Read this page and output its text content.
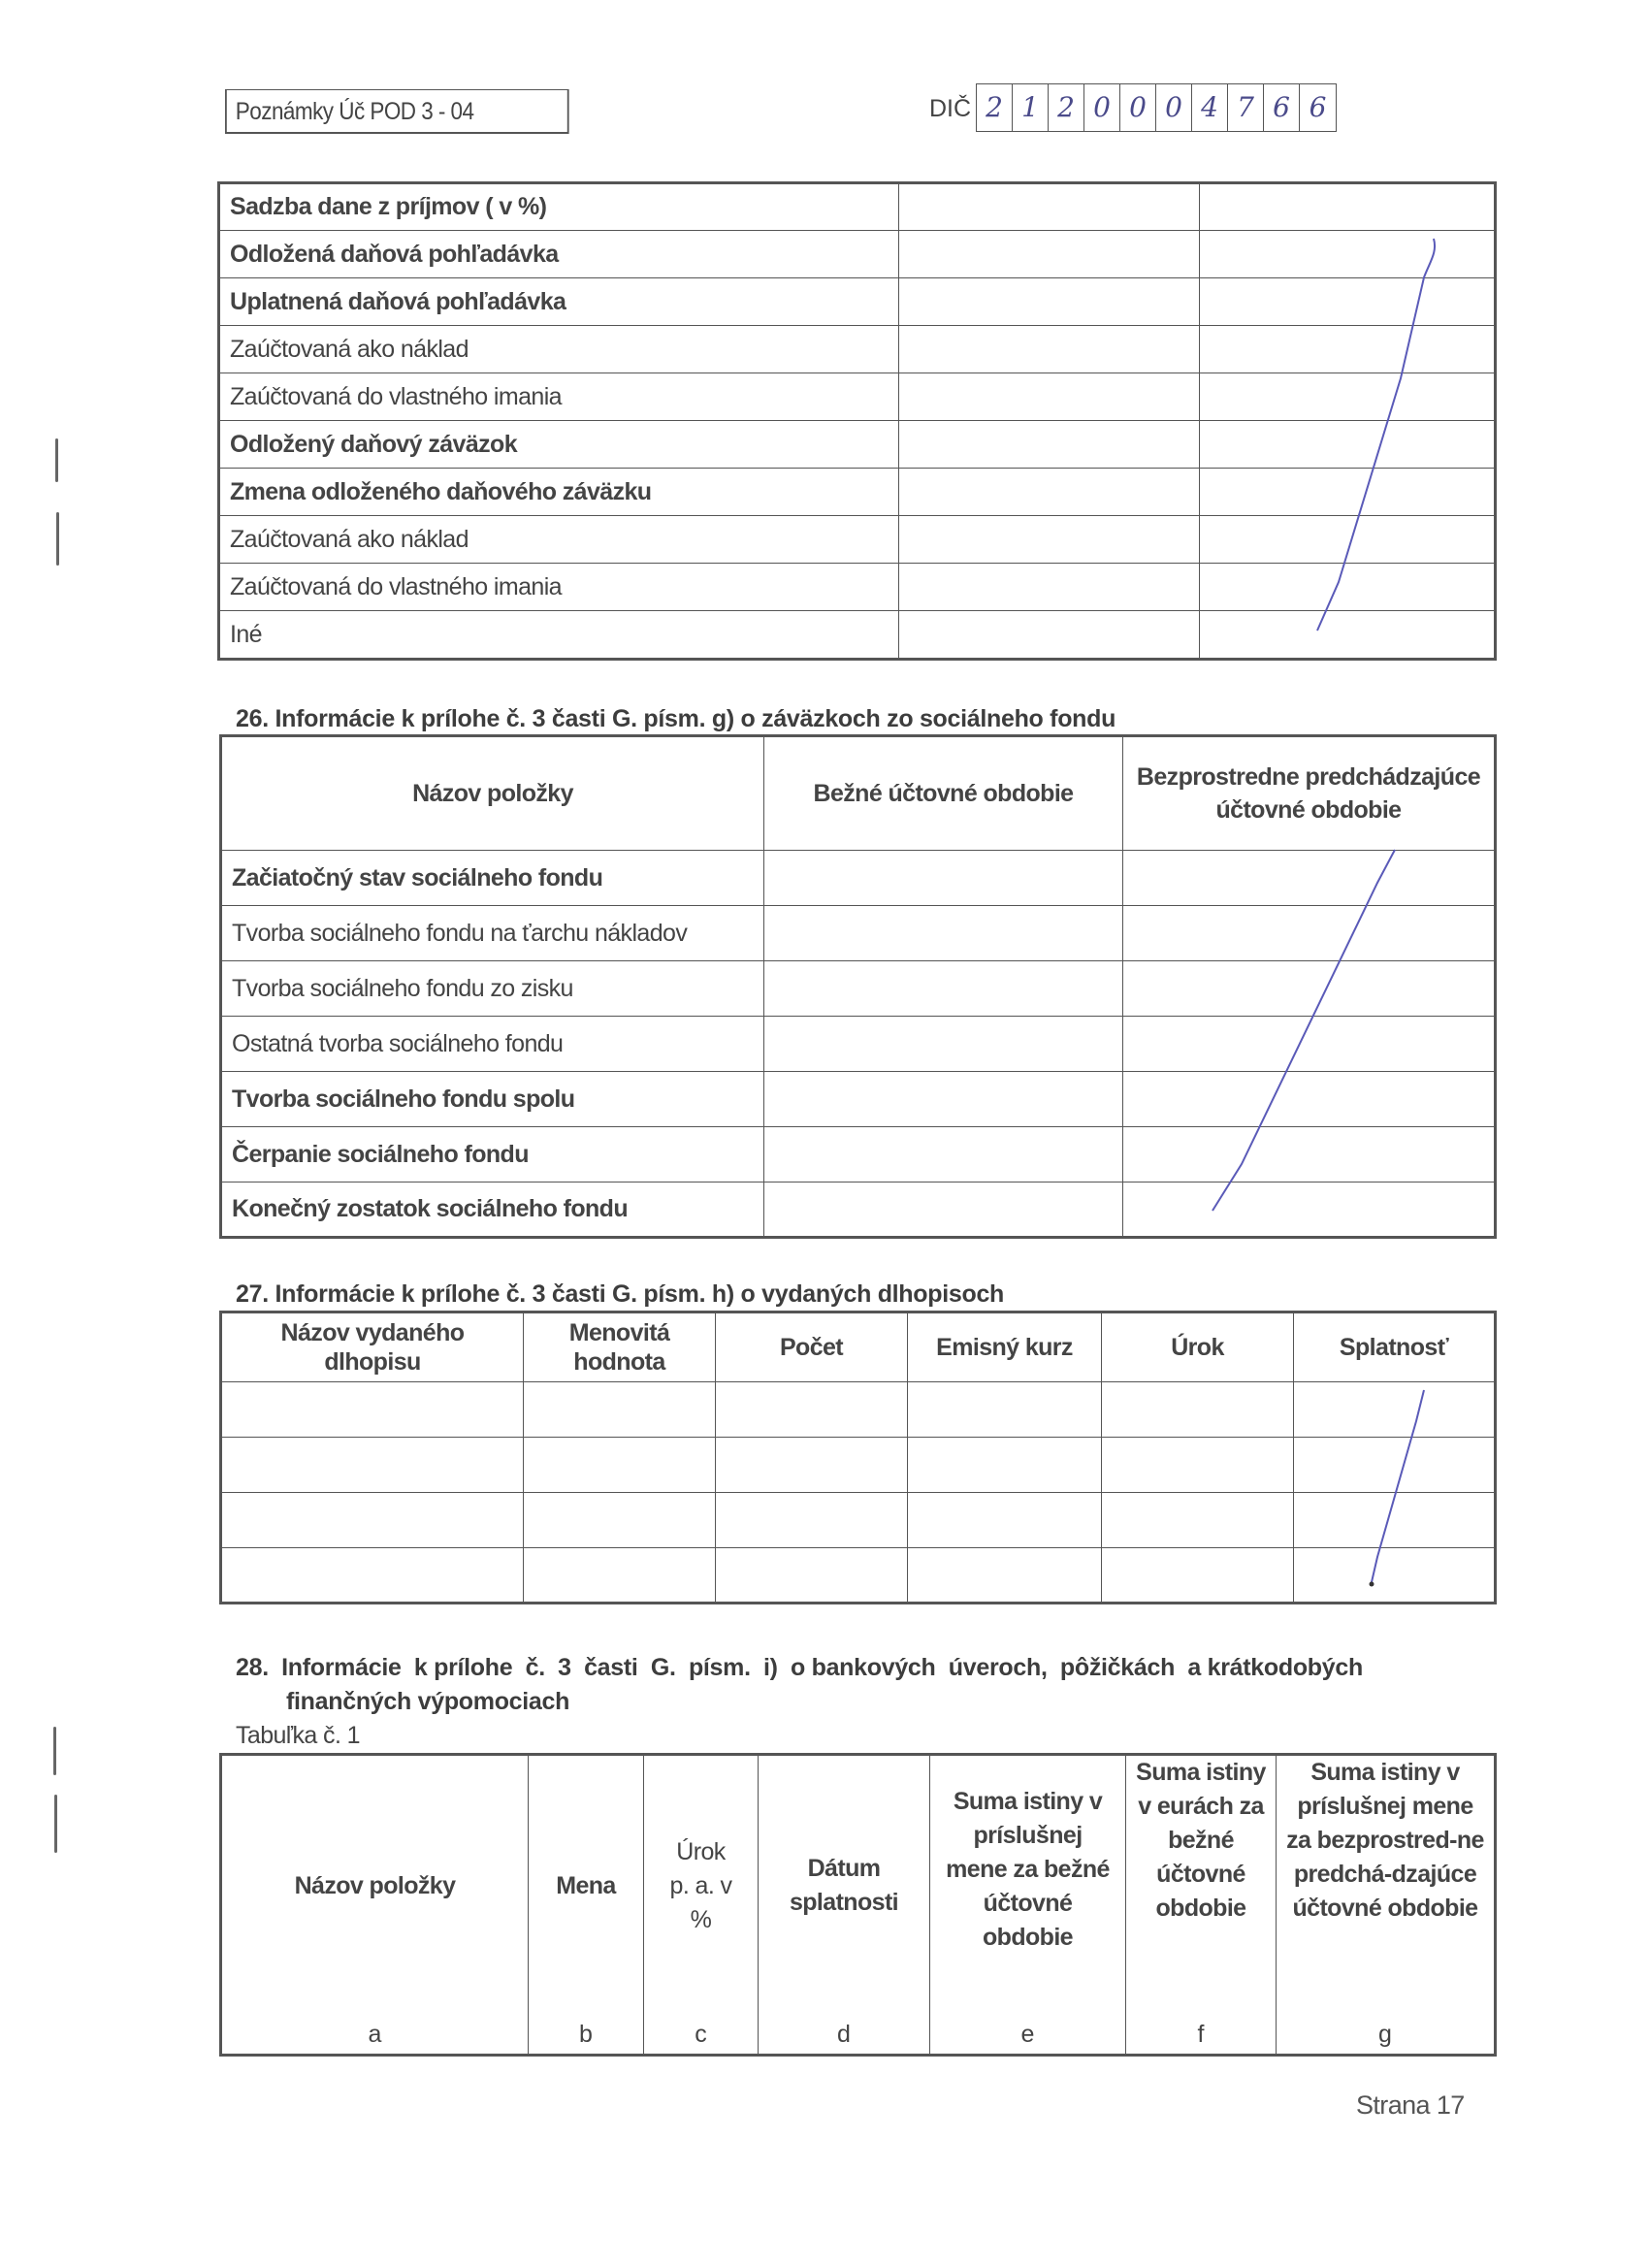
Poznámky Úč POD 3 - 04	DIČ 2 1 2 0 0 0 4 7 6 6
Sadzba dane z príjmov ( v %)		
Odložená daňová pohľadávka		
Uplatnená daňová pohľadávka		
Zaúčtovaná ako náklad		
Zaúčtovaná do vlastného imania		
Odložený daňový záväzok		
Zmena odloženého daňového záväzku		
Zaúčtovaná ako náklad		
Zaúčtovaná do vlastného imania		
Iné		
26. Informácie k prílohe č. 3 časti G. písm. g) o záväzkoch zo sociálneho fondu
Názov položky	Bežné účtovné obdobie	Bezprostredne predchádzajúce účtovné obdobie
Začiatočný stav sociálneho fondu		
Tvorba sociálneho fondu na ťarchu nákladov		
Tvorba sociálneho fondu zo zisku		
Ostatná tvorba sociálneho fondu		
Tvorba sociálneho fondu spolu		
Čerpanie sociálneho fondu		
Konečný zostatok sociálneho fondu		
27. Informácie k prílohe č. 3 časti G. písm. h) o vydaných dlhopisoch
Názov vydaného dlhopisu	Menovitá hodnota	Počet	Emisný kurz	Úrok	Splatnosť

28.  Informácie  k prílohe  č.  3  časti  G.  písm.  i)  o bankových  úveroch,  pôžičkách  a krátkodobých
finančných výpomociach
Tabuľka č. 1
Názov položky	Mena	Úrok p. a. v %	Dátum splatnosti	Suma istiny v príslušnej mene za bežné účtovné obdobie	Suma istiny v eurách za bežné účtovné obdobie	Suma istiny v príslušnej mene za bezprostred-ne predchá-dzajúce účtovné obdobie
a	b	c	d	e	f	g
Strana 17
